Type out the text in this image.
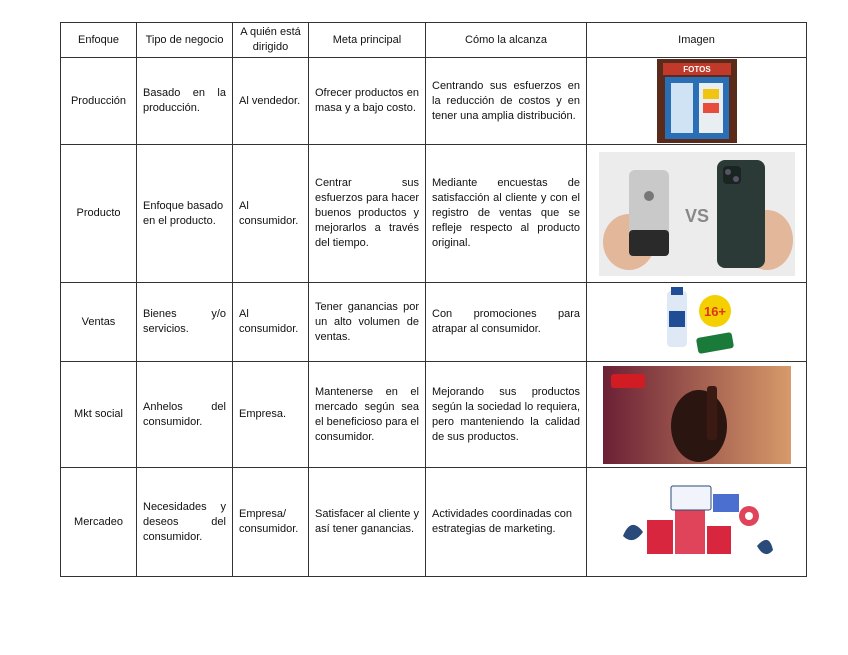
Enfoque	Tipo de negocio	A quién está dirigido	Meta principal	Cómo la alcanza	Imagen
Producción	Basado en la producción.	Al vendedor.	Ofrecer productos en masa y a bajo costo.	Centrando sus esfuerzos en la reducción de costos y en tener una amplia distribución.	FOTOS

Producto	Enfoque basado en el producto.	Al consumidor.	Centrar sus esfuerzos para hacer buenos productos y mejorarlos a través del tiempo.	Mediante encuestas de satisfacción al cliente y con el registro de ventas que se refleje respecto al producto original.	VS

Ventas	Bienes y/o servicios.	Al consumidor.	Tener ganancias por un alto volumen de ventas.	Con promociones para atrapar al consumidor.	16+

Mkt social	Anhelos del consumidor.	Empresa.	Mantenerse en el mercado según sea el beneficioso para el consumidor.	Mejorando sus productos según la sociedad lo requiera, pero manteniendo la calidad de sus productos.	

Mercadeo	Necesidades y deseos del consumidor.	Empresa/ consumidor.	Satisfacer al cliente y así tener ganancias.	Actividades coordinadas con estrategias de marketing.	
